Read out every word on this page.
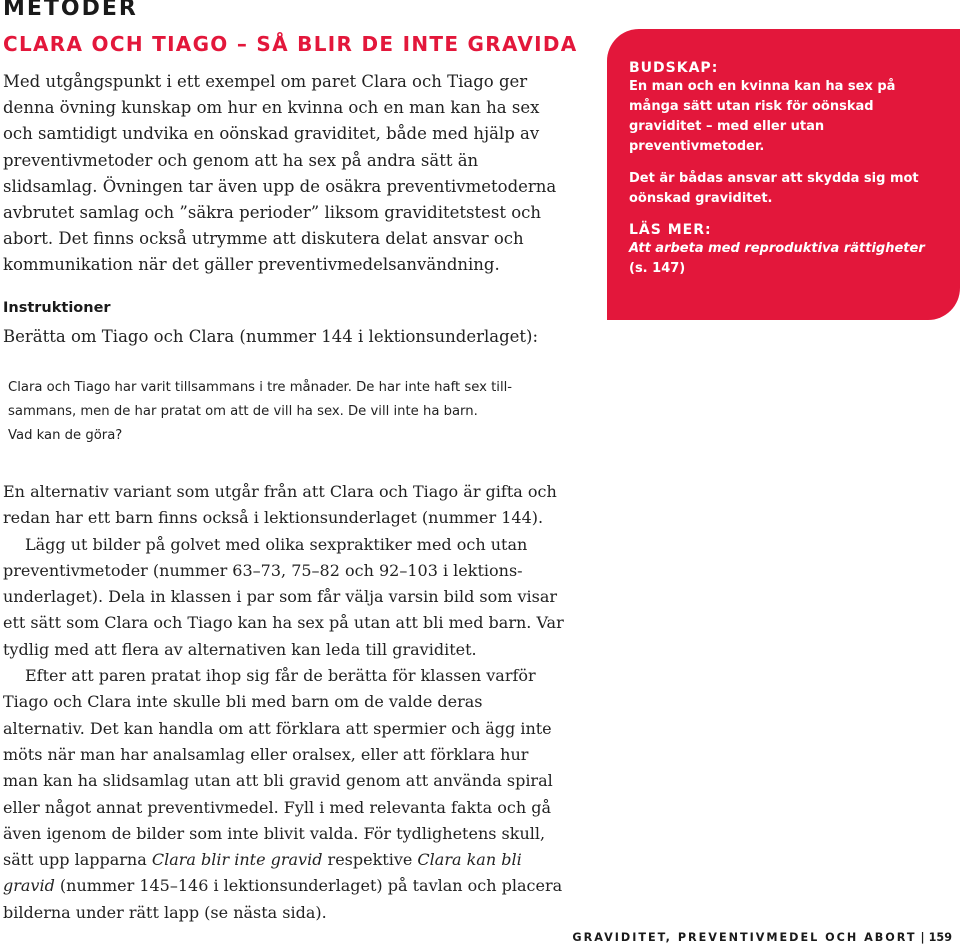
METODER
CLARA OCH TIAGO – SÅ BLIR DE INTE GRAVIDA
Med utgångspunkt i ett exempel om paret Clara och Tiago ger denna övning kunskap om hur en kvinna och en man kan ha sex och samtidigt undvika en oönskad graviditet, både med hjälp av preventivmetoder och genom att ha sex på andra sätt än slidsamlag. Övningen tar även upp de osäkra preventivmetoderna avbrutet samlag och ”säkra perioder” liksom graviditetstest och abort. Det finns också utrymme att diskutera delat ansvar och kommunikation när det gäller preventivmedelsanvändning.
Instruktioner
Berätta om Tiago och Clara (nummer 144 i lektionsunderlaget):
Clara och Tiago har varit tillsammans i tre månader. De har inte haft sex till-
sammans, men de har pratat om att de vill ha sex. De vill inte ha barn.
Vad kan de göra?

En alternativ variant som utgår från att Clara och Tiago är gifta och redan har ett barn finns också i lektionsunderlaget (nummer 144).

Lägg ut bilder på golvet med olika sexpraktiker med och utan preventivmetoder (nummer 63–73, 75–82 och 92–103 i lektions-underlaget). Dela in klassen i par som får välja varsin bild som visar ett sätt som Clara och Tiago kan ha sex på utan att bli med barn. Var tydlig med att flera av alternativen kan leda till graviditet.

Efter att paren pratat ihop sig får de berätta för klassen varför Tiago och Clara inte skulle bli med barn om de valde deras alternativ. Det kan handla om att förklara att spermier och ägg inte möts när man har analsamlag eller oralsex, eller att förklara hur man kan ha slidsamlag utan att bli gravid genom att använda spiral eller något annat preventivmedel. Fyll i med relevanta fakta och gå även igenom de bilder som inte blivit valda. För tydlighetens skull, sätt upp lapparna Clara blir inte gravid respektive Clara kan bli gravid (nummer 145–146 i lektionsunderlaget) på tavlan och placera bilderna under rätt lapp (se nästa sida).

BUDSKAP:
En man och en kvinna kan ha sex på många sätt utan risk för oönskad graviditet – med eller utan preventivmetoder.
Det är bådas ansvar att skydda sig mot oönskad graviditet.
LÄS MER:
Att arbeta med reproduktiva rättigheter
(s. 147)
GRAVIDITET, PREVENTIVMEDEL OCH ABORT | 159
